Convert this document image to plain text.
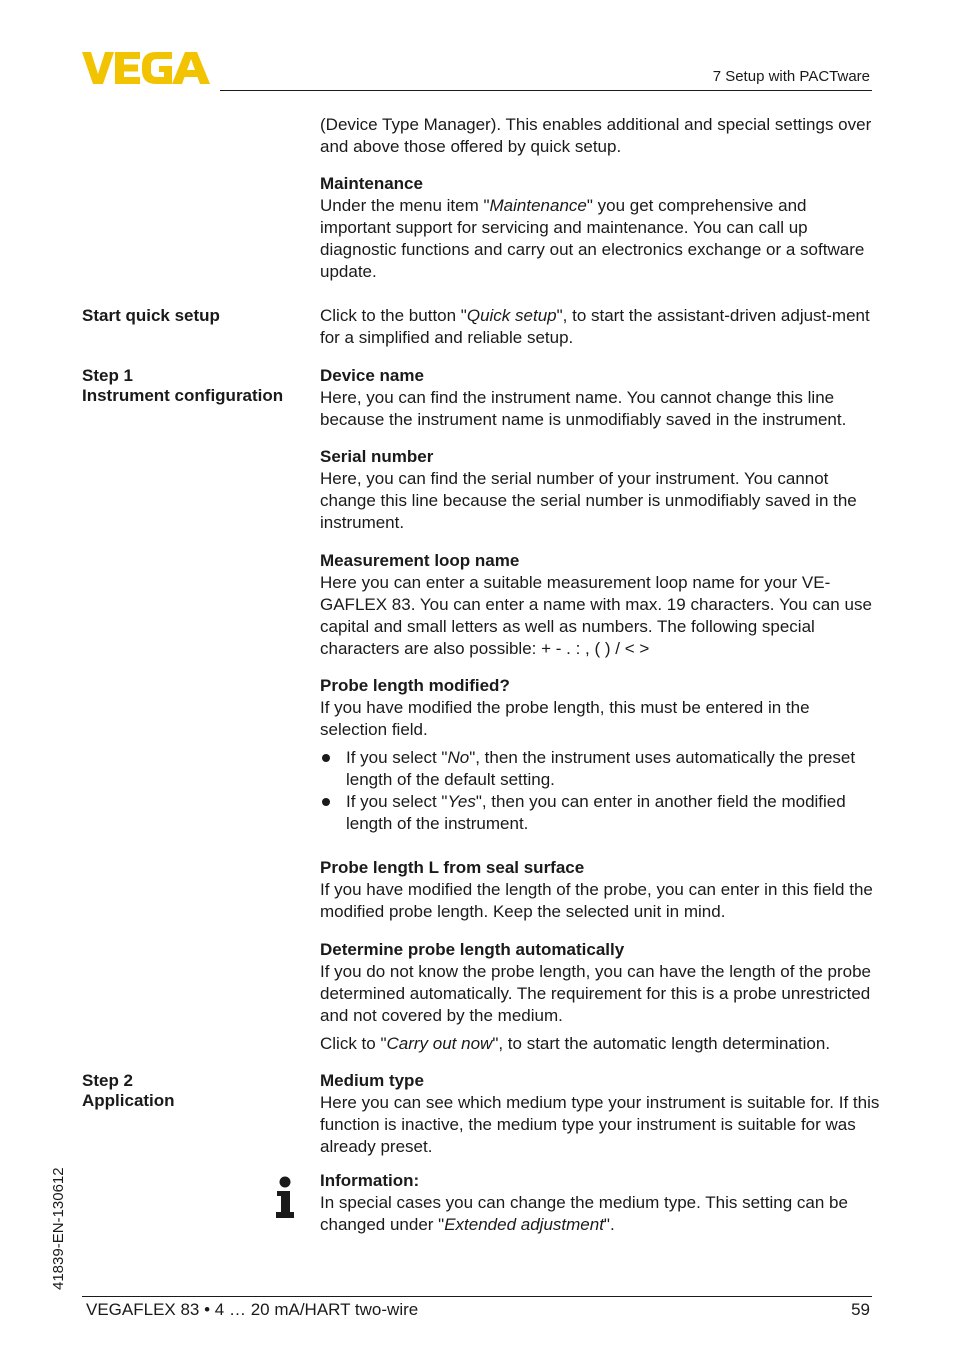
7 Setup with PACTware

(Device Type Manager). This enables additional and special settings over and above those offered by quick setup.

Maintenance

Under the menu item "Maintenance" you get comprehensive and important support for servicing and maintenance. You can call up diagnostic functions and carry out an electronics exchange or a software update.

Start quick setup	Click to the button "Quick setup", to start the assistant-driven adjust-ment for a simplified and reliable setup.

Step 1
Instrument configuration

Device name

Here, you can find the instrument name. You cannot change this line because the instrument name is unmodifiably saved in the instrument.

Serial number

Here, you can find the serial number of your instrument. You cannot change this line because the serial number is unmodifiably saved in the instrument.

Measurement loop name

Here you can enter a suitable measurement loop name for your VE-GAFLEX 83. You can enter a name with max. 19 characters. You can use capital and small letters as well as numbers. The following special characters are also possible: + - . : , ( ) / < >

Probe length modified?

If you have modified the probe length, this must be entered in the selection field.

If you select "No", then the instrument uses automatically the preset length of the default setting.
If you select "Yes", then you can enter in another field the modified length of the instrument.

Probe length L from seal surface

If you have modified the length of the probe, you can enter in this field the modified probe length. Keep the selected unit in mind.

Determine probe length automatically

If you do not know the probe length, you can have the length of the probe determined automatically. The requirement for this is a probe unrestricted and not covered by the medium.

Click to "Carry out now", to start the automatic length determination.

Step 2
Application

Medium type

Here you can see which medium type your instrument is suitable for. If this function is inactive, the medium type your instrument is suitable for was already preset.

Information:

In special cases you can change the medium type. This setting can be changed under "Extended adjustment".

41839-EN-130612
VEGAFLEX 83 • 4 … 20 mA/HART two-wire	59
